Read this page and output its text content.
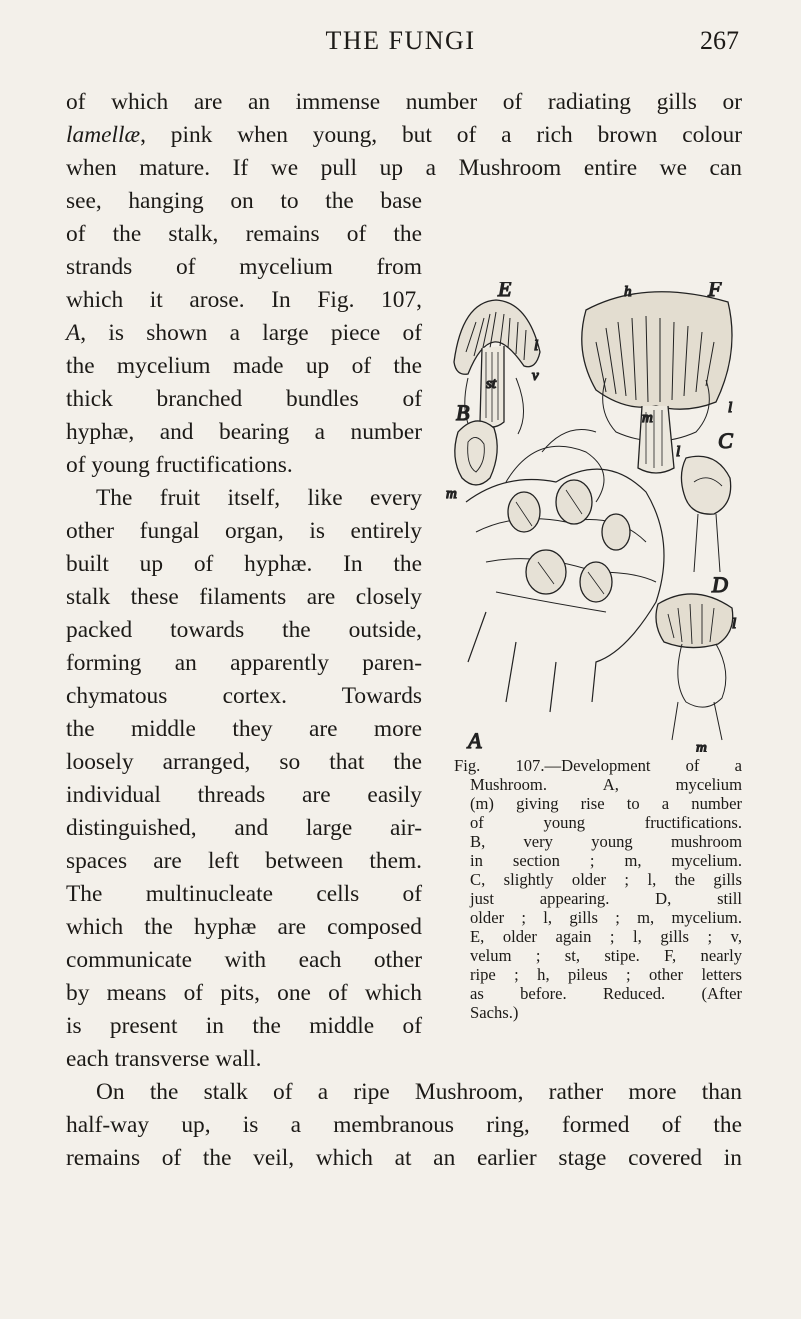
THE FUNGI	267
of which are an immense number of radiating gills or
lamellæ, pink when young, but of a rich brown colour
when mature. If we pull up a Mushroom entire we can
see, hanging on to the base
of the stalk, remains of the
strands of mycelium from
which it arose. In Fig. 107,
A, is shown a large piece of
the mycelium made up of the
thick branched bundles of
hyphæ, and bearing a number
of young fructifications.
The fruit itself, like every
other fungal organ, is entirely
built up of hyphæ. In the
stalk these filaments are closely
packed towards the outside,
forming an apparently paren-
chymatous cortex. Towards
the middle they are more
loosely arranged, so that the
individual threads are easily
distinguished, and large air-
spaces are left between them.
The multinucleate cells of
which the hyphæ are composed
communicate with each other
by means of pits, one of which
is present in the middle of
each transverse wall.
On the stalk of a ripe Mushroom, rather more than
half-way up, is a membranous ring, formed of the
remains of the veil, which at an earlier stage covered in
E
st v
l
F
h
l
m
B
m
A
C
l
D
l
m
Fig. 107.—Development of a
Mushroom. A, mycelium
(m) giving rise to a number
of young fructifications.
B, very young mushroom
in section ; m, mycelium.
C, slightly older ; l, the gills
just appearing. D, still
older ; l, gills ; m, mycelium.
E, older again ; l, gills ; v,
velum ; st, stipe. F, nearly
ripe ; h, pileus ; other letters
as before. Reduced. (After
Sachs.)
